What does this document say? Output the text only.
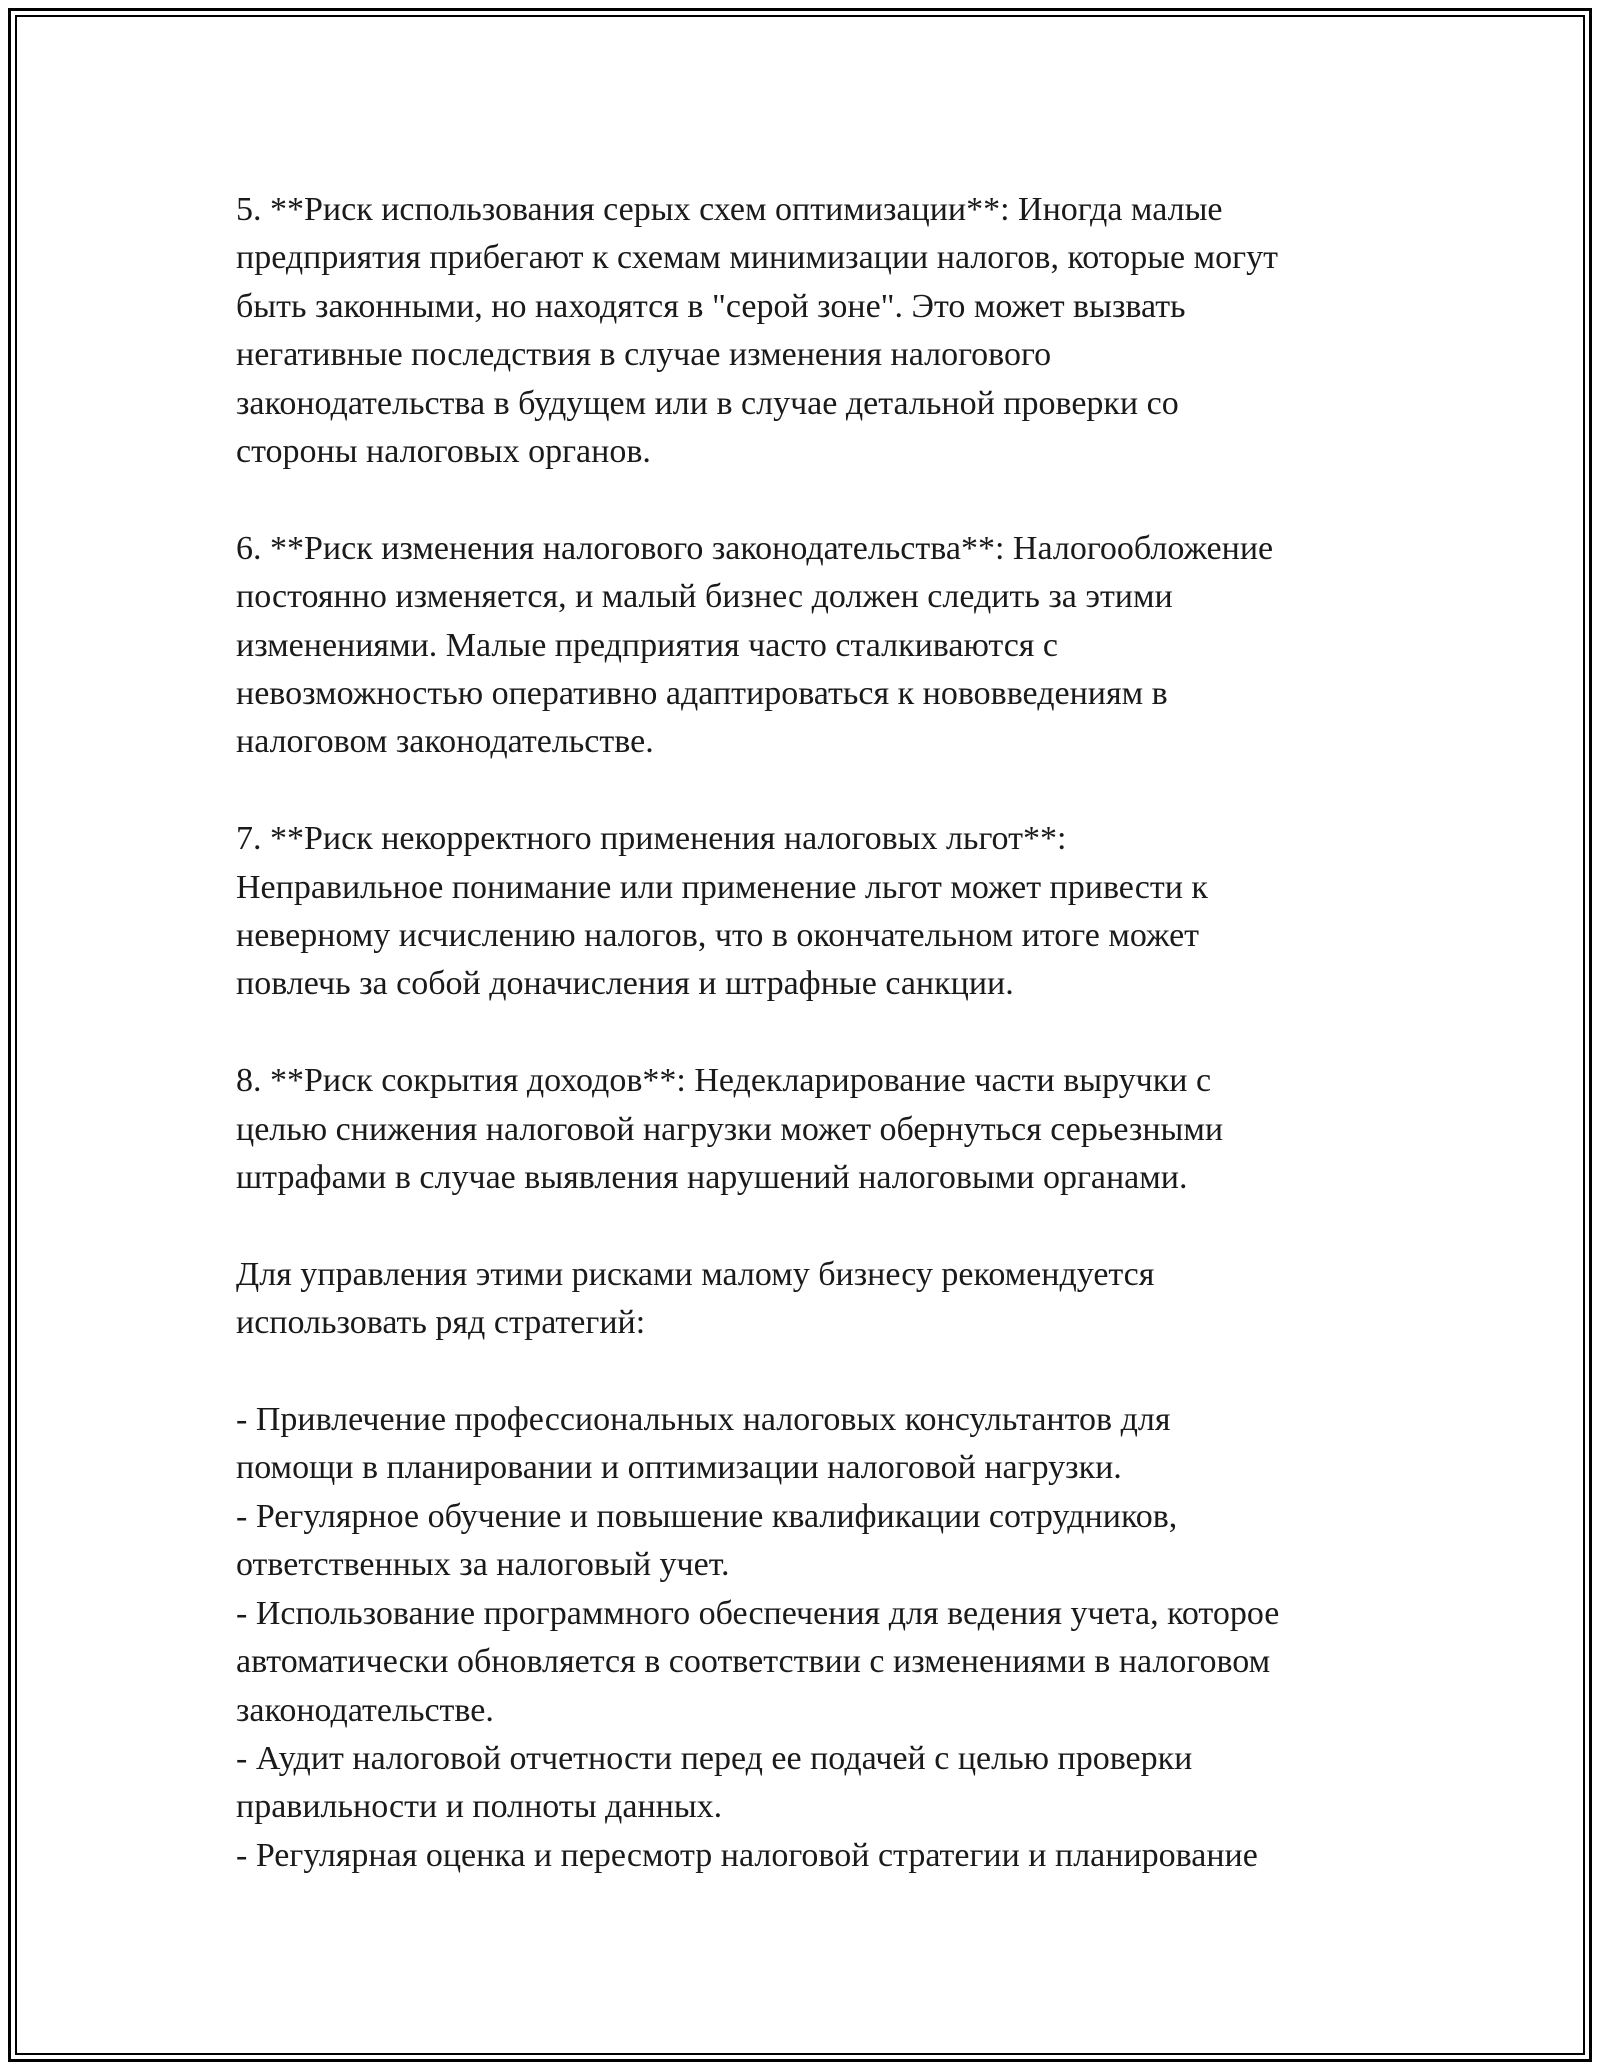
5. **Риск использования серых схем оптимизации**: Иногда малые
предприятия прибегают к схемам минимизации налогов, которые могут
быть законными, но находятся в "серой зоне". Это может вызвать
негативные последствия в случае изменения налогового
законодательства в будущем или в случае детальной проверки со
стороны налоговых органов.
6. **Риск изменения налогового законодательства**: Налогообложение
постоянно изменяется, и малый бизнес должен следить за этими
изменениями. Малые предприятия часто сталкиваются с
невозможностью оперативно адаптироваться к нововведениям в
налоговом законодательстве.
7. **Риск некорректного применения налоговых льгот**:
Неправильное понимание или применение льгот может привести к
неверному исчислению налогов, что в окончательном итоге может
повлечь за собой доначисления и штрафные санкции.
8. **Риск сокрытия доходов**: Недекларирование части выручки с
целью снижения налоговой нагрузки может обернуться серьезными
штрафами в случае выявления нарушений налоговыми органами.
Для управления этими рисками малому бизнесу рекомендуется
использовать ряд стратегий:
- Привлечение профессиональных налоговых консультантов для
помощи в планировании и оптимизации налоговой нагрузки.
- Регулярное обучение и повышение квалификации сотрудников,
ответственных за налоговый учет.
- Использование программного обеспечения для ведения учета, которое
автоматически обновляется в соответствии с изменениями в налоговом
законодательстве.
- Аудит налоговой отчетности перед ее подачей с целью проверки
правильности и полноты данных.
- Регулярная оценка и пересмотр налоговой стратегии и планирование
